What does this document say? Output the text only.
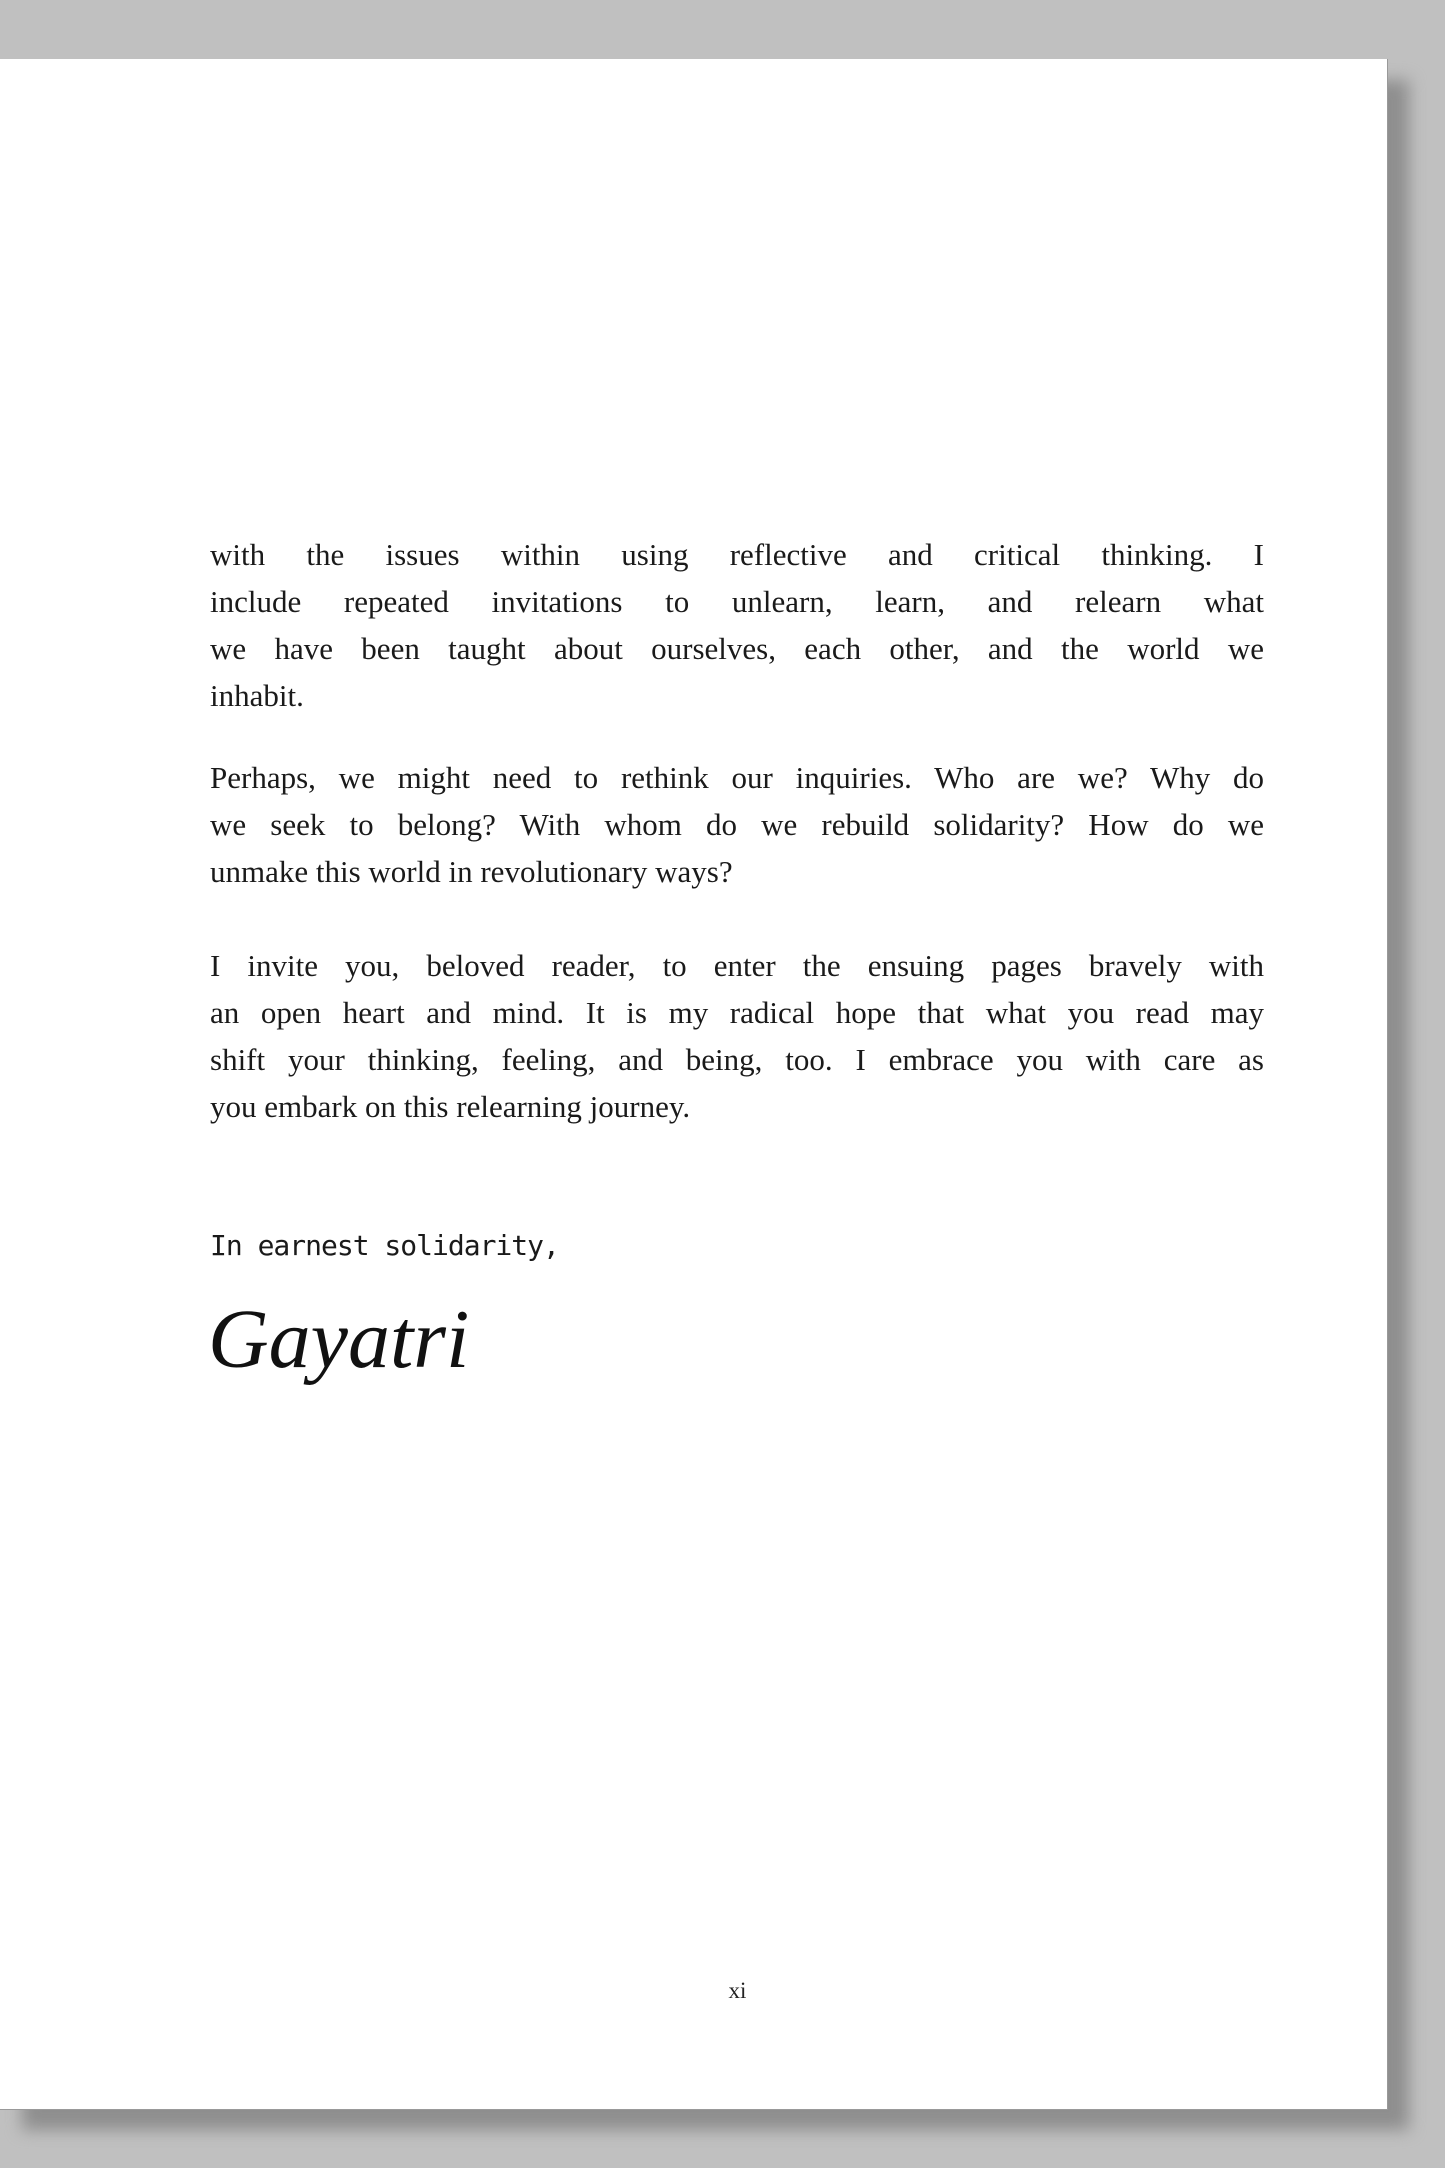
with the issues within using reflective and critical thinking. I
include repeated invitations to unlearn, learn, and relearn what
we have been taught about ourselves, each other, and the world we
inhabit.
Perhaps, we might need to rethink our inquiries. Who are we? Why do
we seek to belong? With whom do we rebuild solidarity? How do we
unmake this world in revolutionary ways?
I invite you, beloved reader, to enter the ensuing pages bravely with
an open heart and mind. It is my radical hope that what you read may
shift your thinking, feeling, and being, too. I embrace you with care as
you embark on this relearning journey.
In earnest solidarity,
Gayatri
xi
